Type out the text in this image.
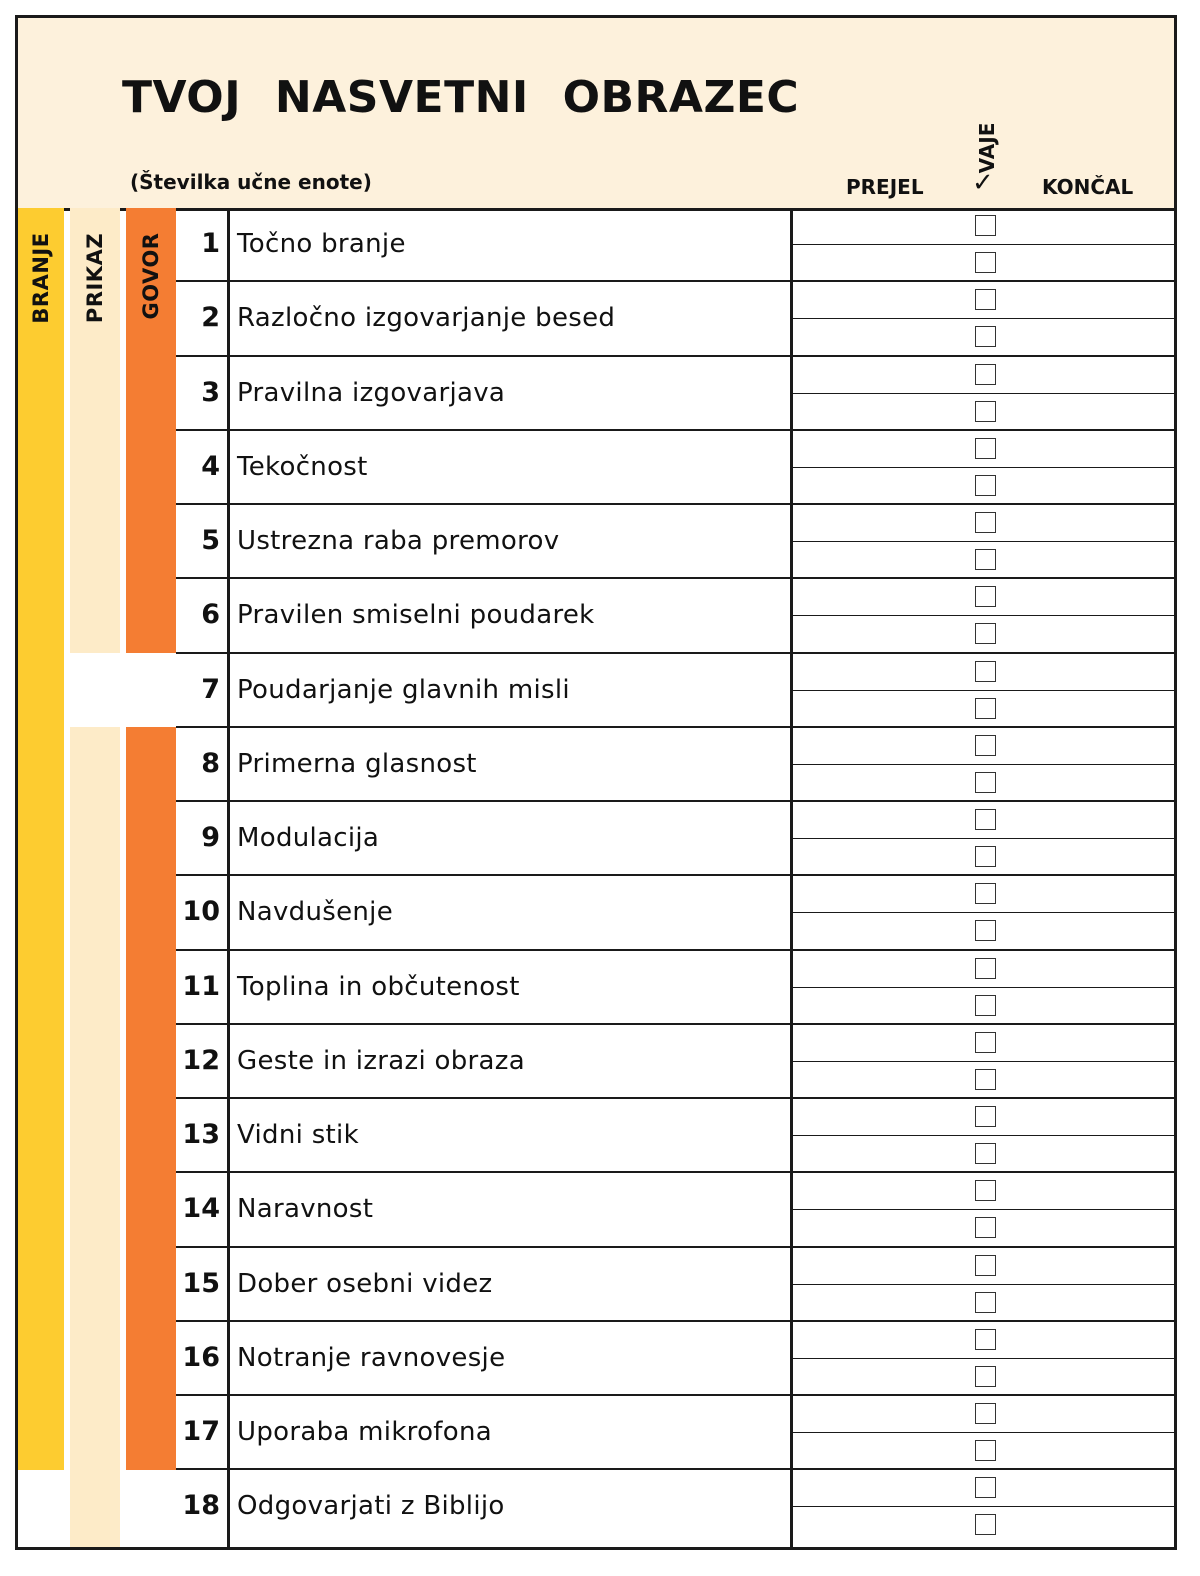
TVOJ NASVETNI OBRAZEC
(Številka učne enote)	PREJEL
VAJE
✓ KONČAL
BRANJE PRIKAZ GOVOR	1 Točno branje
2 Razločno izgovarjanje besed
3 Pravilna izgovarjava
4 Tekočnost
5 Ustrezna raba premorov
6 Pravilen smiselni poudarek
7 Poudarjanje glavnih misli
8 Primerna glasnost
9 Modulacija
10 Navdušenje
11 Toplina in občutenost
12 Geste in izrazi obraza
13 Vidni stik
14 Naravnost
15 Dober osebni videz
16 Notranje ravnovesje
17 Uporaba mikrofona
18 Odgovarjati z Biblijo
